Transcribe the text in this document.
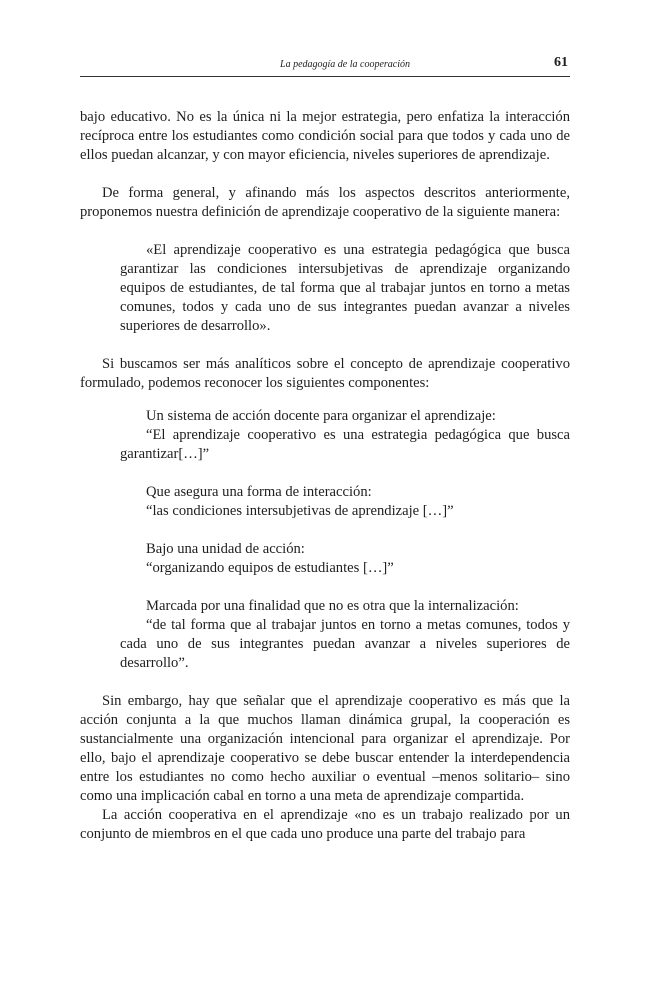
La pedagogía de la cooperación	61

bajo educativo. No es la única ni la mejor estrategia, pero enfatiza la interacción recíproca entre los estudiantes como condición social para que todos y cada uno de ellos puedan alcanzar, y con mayor eficiencia, niveles superiores de aprendizaje.

De forma general, y afinando más los aspectos descritos anteriormente, proponemos nuestra definición de aprendizaje cooperativo de la siguiente manera:

«El aprendizaje cooperativo es una estrategia pedagógica que busca garantizar las condiciones intersubjetivas de aprendizaje organizando equipos de estudiantes, de tal forma que al trabajar juntos en torno a metas comunes, todos y cada uno de sus integrantes puedan avanzar a niveles superiores de desarrollo».

Si buscamos ser más analíticos sobre el concepto de aprendizaje cooperativo formulado, podemos reconocer los siguientes componentes:

Un sistema de acción docente para organizar el aprendizaje:

“El aprendizaje cooperativo es una estrategia pedagógica que busca garantizar[…]”

Que asegura una forma de interacción:

“las condiciones intersubjetivas de aprendizaje […]”

Bajo una unidad de acción:

“organizando equipos de estudiantes […]”

Marcada por una finalidad que no es otra que la internalización:

“de tal forma que al trabajar juntos en torno a metas comunes, todos y cada uno de sus integrantes puedan avanzar a niveles superiores de desarrollo”.

Sin embargo, hay que señalar que el aprendizaje cooperativo es más que la acción conjunta a la que muchos llaman dinámica grupal, la cooperación es sustancialmente una organización intencional para organizar el aprendizaje. Por ello, bajo el aprendizaje cooperativo se debe buscar entender la interdependencia entre los estudiantes no como hecho auxiliar o eventual –menos solitario– sino como una implicación cabal en torno a una meta de aprendizaje compartida.

La acción cooperativa en el aprendizaje «no es un trabajo realizado por un conjunto de miembros en el que cada uno produce una parte del trabajo para
